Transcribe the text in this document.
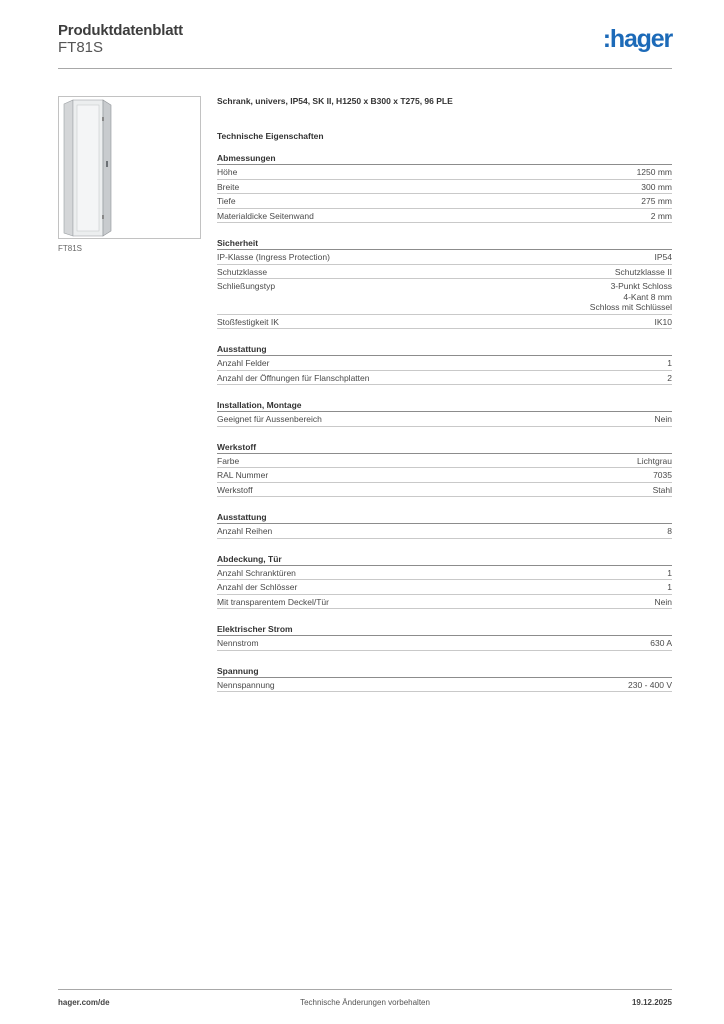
Produktdatenblatt
FT81S	:hager
FT81S
Schrank, univers, IP54, SK II, H1250 x B300 x T275, 96 PLE
Technische Eigenschaften
Abmessungen
Höhe	1250 mm
Breite	300 mm
Tiefe	275 mm
Materialdicke Seitenwand	2 mm
Sicherheit
IP-Klasse (Ingress Protection)	IP54
Schutzklasse	Schutzklasse II
Schließungstyp	3-Punkt Schloss
4-Kant 8 mm
Schloss mit Schlüssel
Stoßfestigkeit IK	IK10
Ausstattung
Anzahl Felder	1
Anzahl der Öffnungen für Flanschplatten	2
Installation, Montage
Geeignet für Aussenbereich	Nein
Werkstoff
Farbe	Lichtgrau
RAL Nummer	7035
Werkstoff	Stahl
Ausstattung
Anzahl Reihen	8
Abdeckung, Tür
Anzahl Schranktüren	1
Anzahl der Schlösser	1
Mit transparentem Deckel/Tür	Nein
Elektrischer Strom
Nennstrom	630 A
Spannung
Nennspannung	230 - 400 V
hager.com/de	Technische Änderungen vorbehalten	19.12.2025
